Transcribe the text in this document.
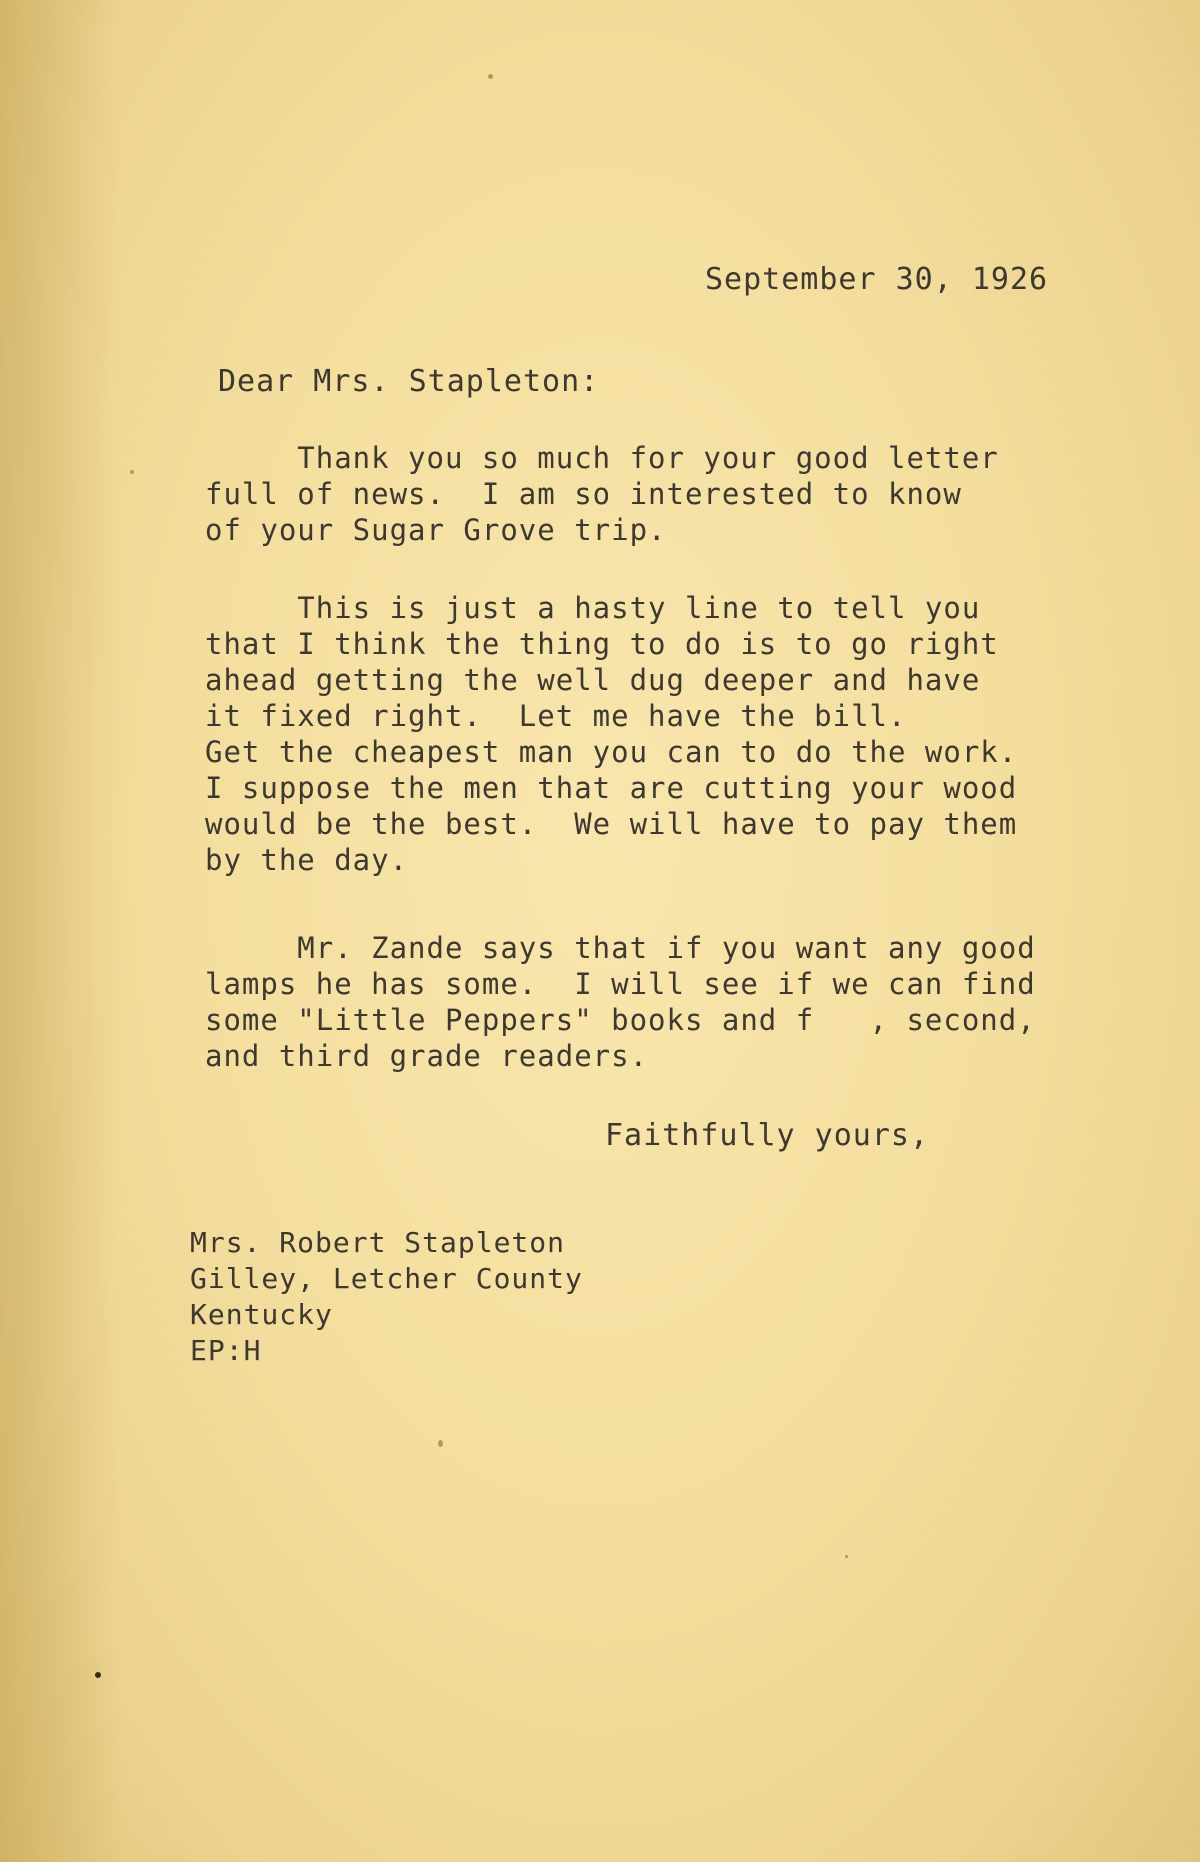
September 30, 1926
Dear Mrs. Stapleton:
Thank you so much for your good letter
full of news.  I am so interested to know
of your Sugar Grove trip.
This is just a hasty line to tell you
that I think the thing to do is to go right
ahead getting the well dug deeper and have
it fixed right.  Let me have the bill.
Get the cheapest man you can to do the work.
I suppose the men that are cutting your wood
would be the best.  We will have to pay them
by the day.
Mr. Zande says that if you want any good
lamps he has some.  I will see if we can find
some "Little Peppers" books and f   , second,
and third grade readers.
Faithfully yours,
Mrs. Robert Stapleton
Gilley, Letcher County
Kentucky
EP:H
